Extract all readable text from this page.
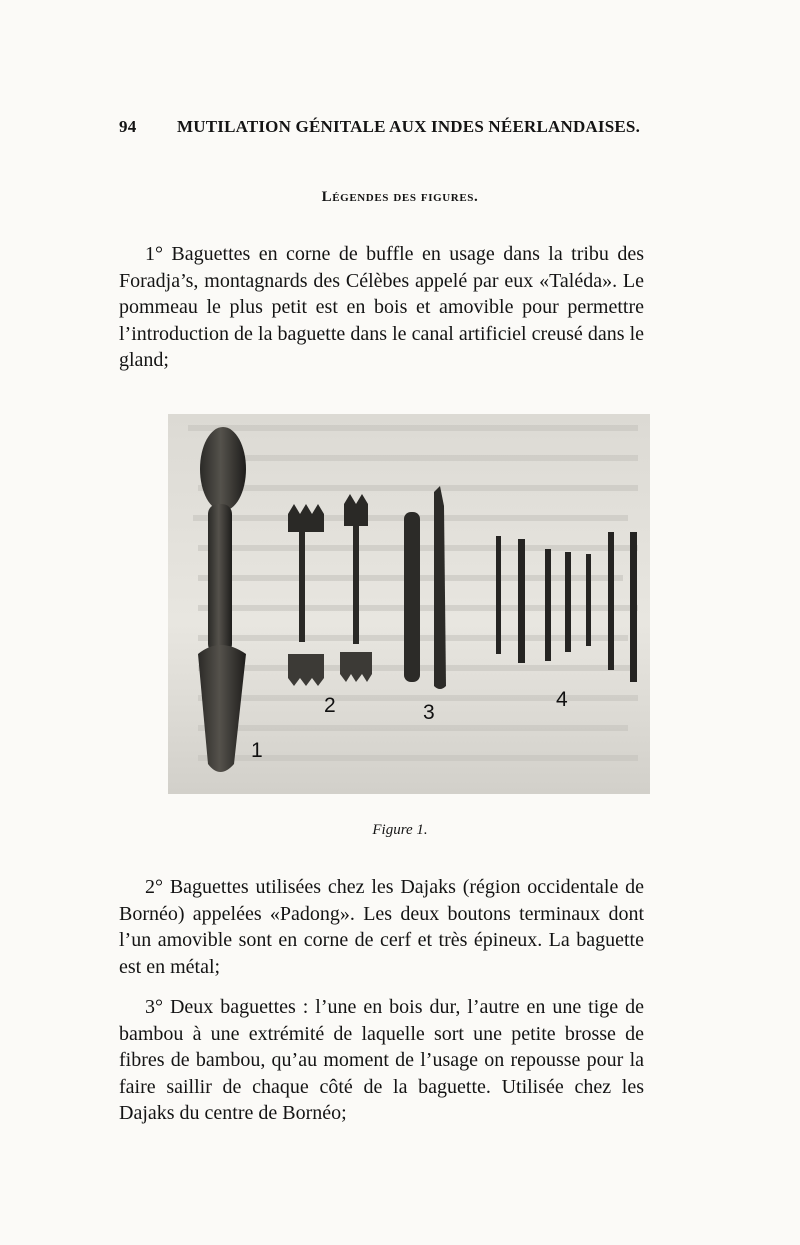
94 MUTILATION GÉNITALE AUX INDES NÉERLANDAISES.
Légendes des figures.

1° Baguettes en corne de buffle en usage dans la tribu des Foradja’s, montagnards des Célèbes appelé par eux «Taléda». Le pommeau le plus petit est en bois et amovible pour permettre l’introduction de la baguette dans le canal artificiel creusé dans le gland;

1
2	3
4
Figure 1.

2° Baguettes utilisées chez les Dajaks (région occidentale de Bornéo) appelées «Padong». Les deux boutons terminaux dont l’un amovible sont en corne de cerf et très épineux. La baguette est en métal;

3° Deux baguettes : l’une en bois dur, l’autre en une tige de bambou à une extrémité de laquelle sort une petite brosse de fibres de bambou, qu’au moment de l’usage on repousse pour la faire saillir de chaque côté de la baguette. Utilisée chez les Dajaks du centre de Bornéo;
